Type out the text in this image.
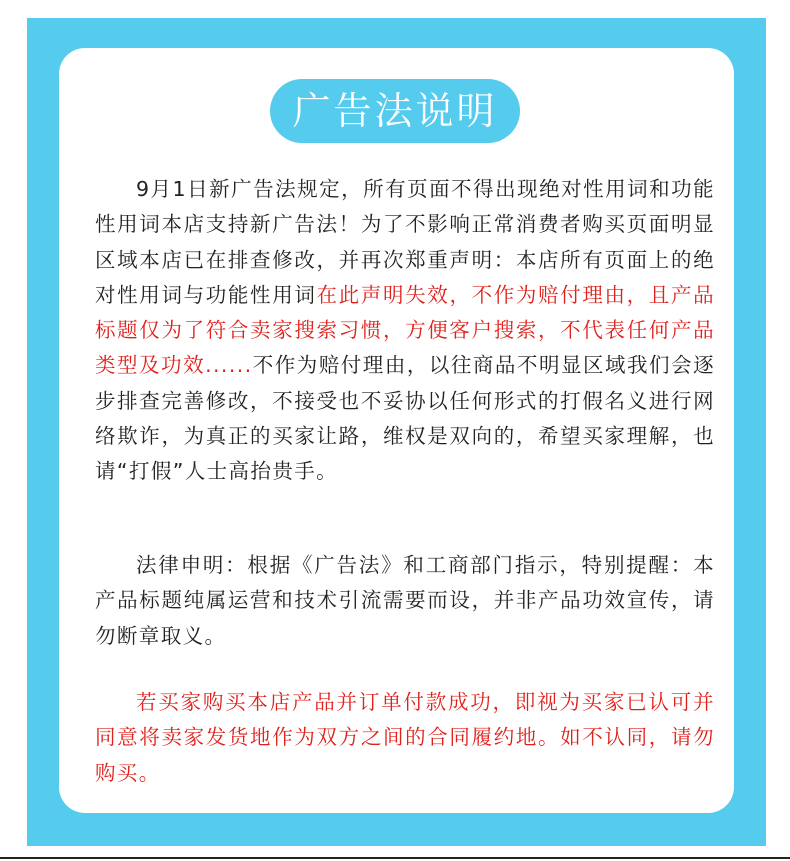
广告法说明

9月1日新广告法规定，所有页面不得出现绝对性用词和功能性用词本店支持新广告法！为了不影响正常消费者购买页面明显区域本店已在排查修改，并再次郑重声明：本店所有页面上的绝对性用词与功能性用词在此声明失效，不作为赔付理由，且产品标题仅为了符合卖家搜索习惯，方便客户搜索，不代表任何产品类型及功效......不作为赔付理由，以往商品不明显区域我们会逐步排查完善修改，不接受也不妥协以任何形式的打假名义进行网络欺诈，为真正的买家让路，维权是双向的，希望买家理解，也请“打假”人士高抬贵手。

法律申明：根据《广告法》和工商部门指示，特别提醒：本产品标题纯属运营和技术引流需要而设，并非产品功效宣传，请勿断章取义。

若买家购买本店产品并订单付款成功，即视为买家已认可并同意将卖家发货地作为双方之间的合同履约地。如不认同，请勿购买。
